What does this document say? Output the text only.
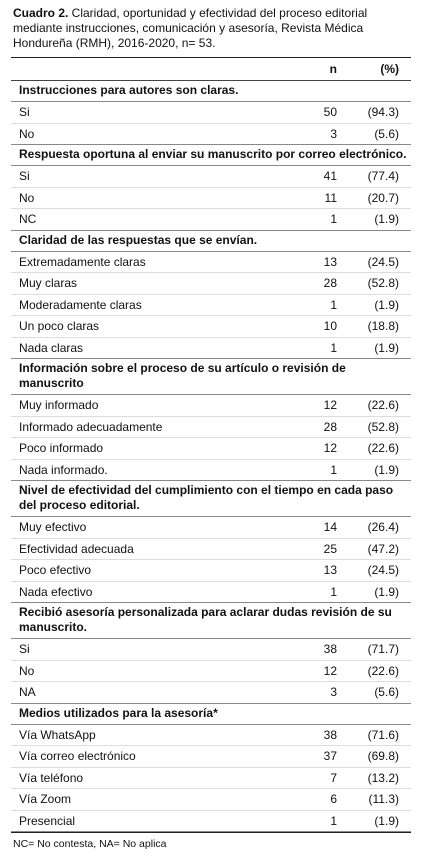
Cuadro 2. Claridad, oportunidad y efectividad del proceso editorial mediante instrucciones, comunicación y asesoría, Revista Médica Hondureña (RMH), 2016-2020, n= 53.
n	(%)
Instrucciones para autores son claras.
Si	50	(94.3)
No	3	(5.6)
Respuesta oportuna al enviar su manuscrito por correo electrónico.
Si	41	(77.4)
No	11	(20.7)
NC	1	(1.9)
Claridad de las respuestas que se envían.
Extremadamente claras	13	(24.5)
Muy claras	28	(52.8)
Moderadamente claras	1	(1.9)
Un poco claras	10	(18.8)
Nada claras	1	(1.9)
Información sobre el proceso de su artículo o revisión de manuscrito
Muy informado	12	(22.6)
Informado adecuadamente	28	(52.8)
Poco informado	12	(22.6)
Nada informado.	1	(1.9)
Nivel de efectividad del cumplimiento con el tiempo en cada paso del proceso editorial.
Muy efectivo	14	(26.4)
Efectividad adecuada	25	(47.2)
Poco efectivo	13	(24.5)
Nada efectivo	1	(1.9)
Recibió asesoría personalizada para aclarar dudas revisión de su manuscrito.
Si	38	(71.7)
No	12	(22.6)
NA	3	(5.6)
Medios utilizados para la asesoría*
Vía WhatsApp	38	(71.6)
Vía correo electrónico	37	(69.8)
Vía teléfono	7	(13.2)
Vía Zoom	6	(11.3)
Presencial	1	(1.9)
NC= No contesta, NA= No aplica
